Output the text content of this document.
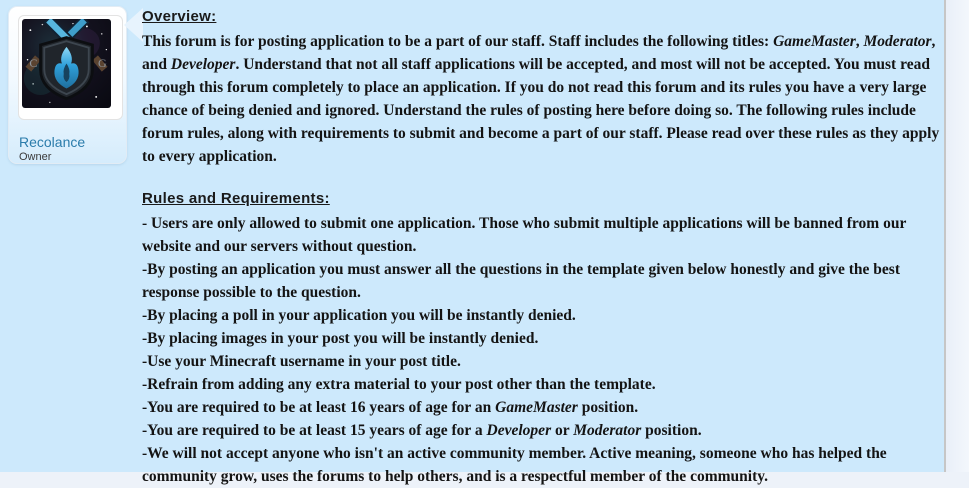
C	G
Recolance
Owner
Overview:

This forum is for posting application to be a part of our staff. Staff includes the following titles: GameMaster, Moderator, and Developer. Understand that not all staff applications will be accepted, and most will not be accepted. You must read through this forum completely to place an application. If you do not read this forum and its rules you have a very large chance of being denied and ignored. Understand the rules of posting here before doing so. The following rules include forum rules, along with requirements to submit and become a part of our staff. Please read over these rules as they apply to every application.

Rules and Requirements:
- Users are only allowed to submit one application. Those who submit multiple applications will be banned from our website and our servers without question.
-By posting an application you must answer all the questions in the template given below honestly and give the best response possible to the question.
-By placing a poll in your application you will be instantly denied.
-By placing images in your post you will be instantly denied.
-Use your Minecraft username in your post title.
-Refrain from adding any extra material to your post other than the template.
-You are required to be at least 16 years of age for an GameMaster position.
-You are required to be at least 15 years of age for a Developer or Moderator position.
-We will not accept anyone who isn't an active community member. Active meaning, someone who has helped the community grow, uses the forums to help others, and is a respectful member of the community.
